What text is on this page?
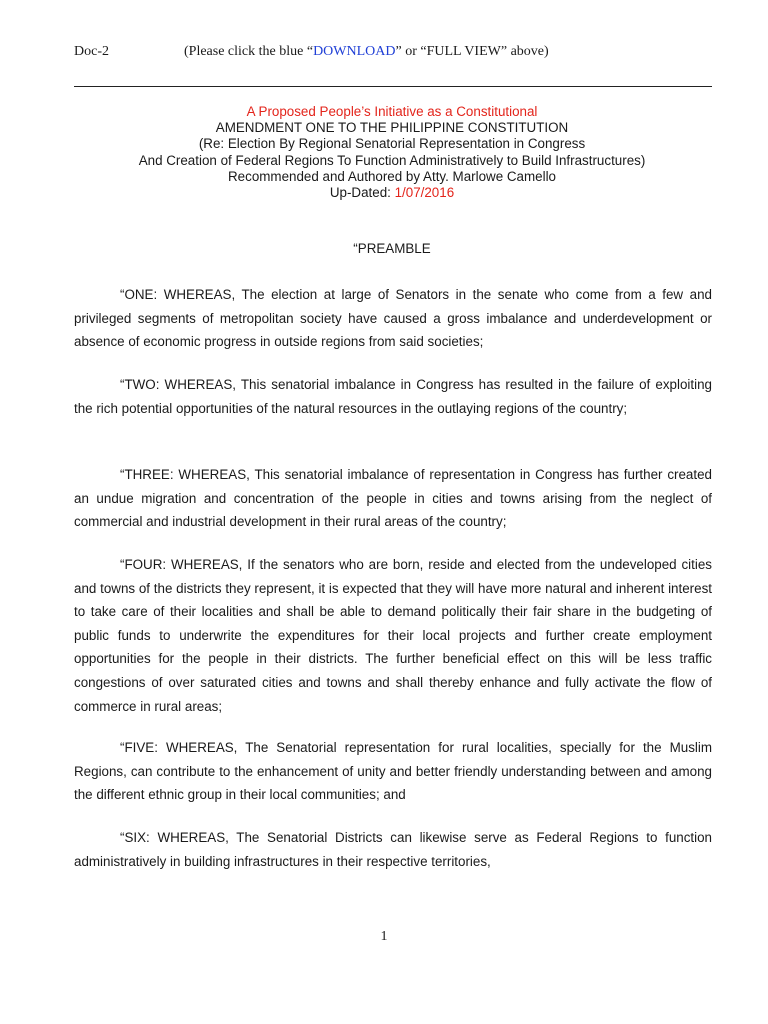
Doc-2	(Please click the blue “DOWNLOAD” or “FULL VIEW” above)
A Proposed People’s Initiative as a Constitutional
AMENDMENT ONE TO THE PHILIPPINE CONSTITUTION
(Re: Election By Regional Senatorial Representation in Congress
And Creation of Federal Regions To Function Administratively to Build Infrastructures)
Recommended and Authored by Atty. Marlowe Camello
Up-Dated: 1/07/2016
“PREAMBLE

“ONE: WHEREAS, The election at large of Senators in the senate who come from a few and privileged segments of metropolitan society have caused a gross imbalance and underdevelopment or absence of economic progress in outside regions from said societies;

“TWO: WHEREAS, This senatorial imbalance in Congress has resulted in the failure of exploiting the rich potential opportunities of the natural resources in the outlaying regions of the country;

“THREE: WHEREAS, This senatorial imbalance of representation in Congress has further created an undue migration and concentration of the people in cities and towns arising from the neglect of commercial and industrial development in their rural areas of the country;

“FOUR: WHEREAS, If the senators who are born, reside and elected from the undeveloped cities and towns of the districts they represent, it is expected that they will have more natural and inherent interest to take care of their localities and shall be able to demand politically their fair share in the budgeting of public funds to underwrite the expenditures for their local projects and further create employment opportunities for the people in their districts. The further beneficial effect on this will be less traffic congestions of over saturated cities and towns and shall thereby enhance and fully activate the flow of commerce in rural areas;

“FIVE: WHEREAS, The Senatorial representation for rural localities, specially for the Muslim Regions, can contribute to the enhancement of unity and better friendly understanding between and among the different ethnic group in their local communities; and

“SIX: WHEREAS, The Senatorial Districts can likewise serve as Federal Regions to function administratively in building infrastructures in their respective territories,

1
